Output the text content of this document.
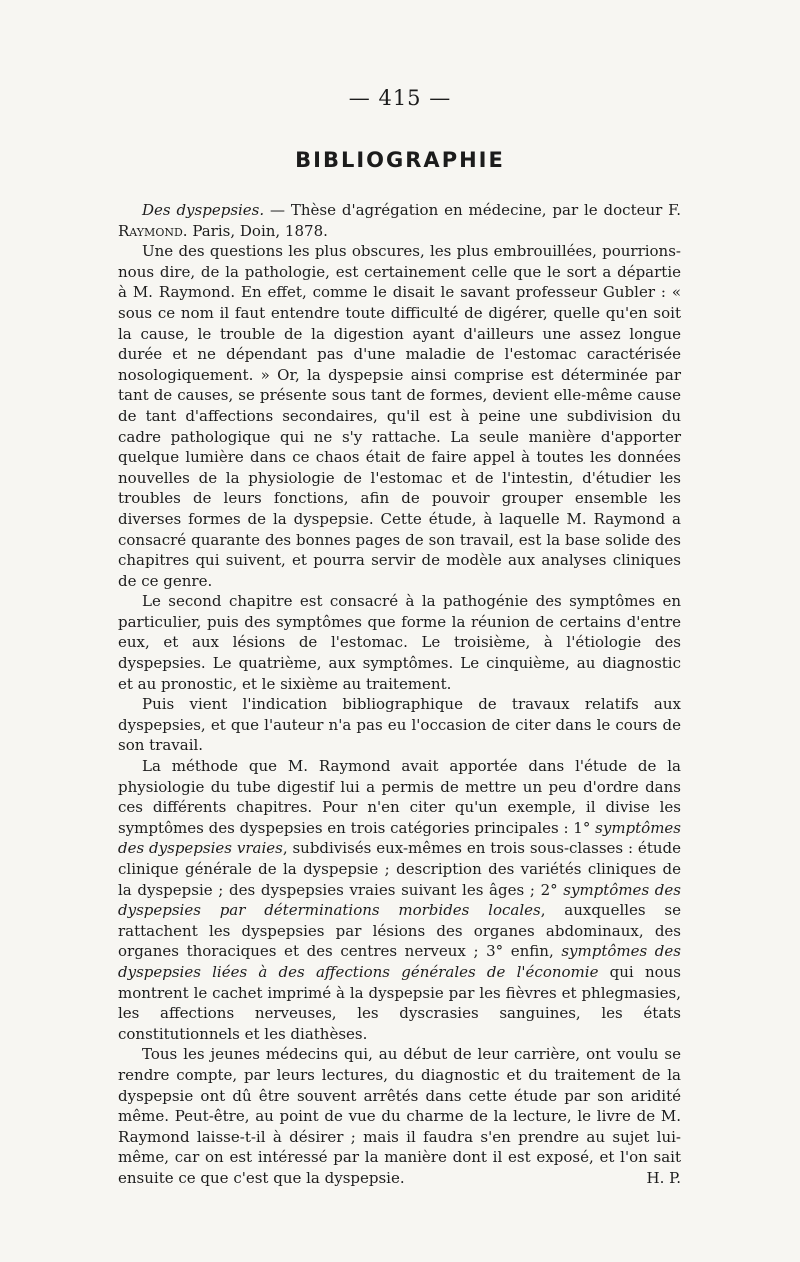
— 415 —
BIBLIOGRAPHIE

Des dyspepsies. — Thèse d'agrégation en médecine, par le docteur F. Raymond. Paris, Doin, 1878.

Une des questions les plus obscures, les plus embrouillées, pourrions-nous dire, de la pathologie, est certainement celle que le sort a départie à M. Raymond. En effet, comme le disait le savant professeur Gubler : « sous ce nom il faut entendre toute difficulté de digérer, quelle qu'en soit la cause, le trouble de la digestion ayant d'ailleurs une assez longue durée et ne dépendant pas d'une maladie de l'estomac caractérisée nosologiquement. » Or, la dyspepsie ainsi comprise est déterminée par tant de causes, se présente sous tant de formes, devient elle-même cause de tant d'affections secondaires, qu'il est à peine une subdivision du cadre pathologique qui ne s'y rattache. La seule manière d'apporter quelque lumière dans ce chaos était de faire appel à toutes les données nouvelles de la physiologie de l'estomac et de l'intestin, d'étudier les troubles de leurs fonctions, afin de pouvoir grouper ensemble les diverses formes de la dyspepsie. Cette étude, à laquelle M. Raymond a consacré quarante des bonnes pages de son travail, est la base solide des chapitres qui suivent, et pourra servir de modèle aux analyses cliniques de ce genre.

Le second chapitre est consacré à la pathogénie des symptômes en particulier, puis des symptômes que forme la réunion de certains d'entre eux, et aux lésions de l'estomac. Le troisième, à l'étiologie des dyspepsies. Le quatrième, aux symptômes. Le cinquième, au diagnostic et au pronostic, et le sixième au traitement.

Puis vient l'indication bibliographique de travaux relatifs aux dyspepsies, et que l'auteur n'a pas eu l'occasion de citer dans le cours de son travail.

La méthode que M. Raymond avait apportée dans l'étude de la physiologie du tube digestif lui a permis de mettre un peu d'ordre dans ces différents chapitres. Pour n'en citer qu'un exemple, il divise les symptômes des dyspepsies en trois catégories principales : 1° symptômes des dyspepsies vraies, subdivisés eux-mêmes en trois sous-classes : étude clinique générale de la dyspepsie ; description des variétés cliniques de la dyspepsie ; des dyspepsies vraies suivant les âges ; 2° symptômes des dyspepsies par déterminations morbides locales, auxquelles se rattachent les dyspepsies par lésions des organes abdominaux, des organes thoraciques et des centres nerveux ; 3° enfin, symptômes des dyspepsies liées à des affections générales de l'économie qui nous montrent le cachet imprimé à la dyspepsie par les fièvres et phlegmasies, les affections nerveuses, les dyscrasies sanguines, les états constitutionnels et les diathèses.

Tous les jeunes médecins qui, au début de leur carrière, ont voulu se rendre compte, par leurs lectures, du diagnostic et du traitement de la dyspepsie ont dû être souvent arrêtés dans cette étude par son aridité même. Peut-être, au point de vue du charme de la lecture, le livre de M. Raymond laisse-t-il à désirer ; mais il faudra s'en prendre au sujet lui-même, car on est intéressé par la manière dont il est exposé, et l'on sait ensuite ce que c'est que la dyspepsie.	H. P.
